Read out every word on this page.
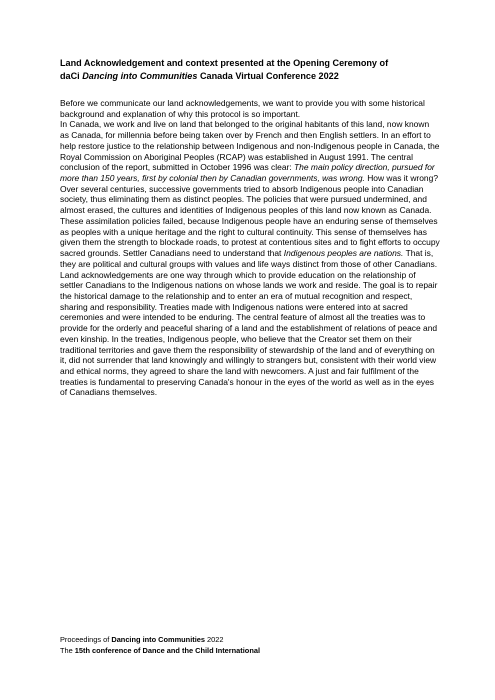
Land Acknowledgement and context presented at the Opening Ceremony of
daCi Dancing into Communities Canada Virtual Conference 2022

Before we communicate our land acknowledgements, we want to provide you with some historical background and explanation of why this protocol is so important.

In Canada, we work and live on land that belonged to the original habitants of this land, now known as Canada, for millennia before being taken over by French and then English settlers. In an effort to help restore justice to the relationship between Indigenous and non-Indigenous people in Canada, the Royal Commission on Aboriginal Peoples (RCAP) was established in August 1991. The central conclusion of the report, submitted in October 1996 was clear: The main policy direction, pursued for more than 150 years, first by colonial then by Canadian governments, was wrong. How was it wrong? Over several centuries, successive governments tried to absorb Indigenous people into Canadian society, thus eliminating them as distinct peoples. The policies that were pursued undermined, and almost erased, the cultures and identities of Indigenous peoples of this land now known as Canada. These assimilation policies failed, because Indigenous people have an enduring sense of themselves as peoples with a unique heritage and the right to cultural continuity. This sense of themselves has given them the strength to blockade roads, to protest at contentious sites and to fight efforts to occupy sacred grounds. Settler Canadians need to understand that Indigenous peoples are nations. That is, they are political and cultural groups with values and life ways distinct from those of other Canadians.

Land acknowledgements are one way through which to provide education on the relationship of settler Canadians to the Indigenous nations on whose lands we work and reside. The goal is to repair the historical damage to the relationship and to enter an era of mutual recognition and respect, sharing and responsibility. Treaties made with Indigenous nations were entered into at sacred ceremonies and were intended to be enduring. The central feature of almost all the treaties was to provide for the orderly and peaceful sharing of a land and the establishment of relations of peace and even kinship. In the treaties, Indigenous people, who believe that the Creator set them on their traditional territories and gave them the responsibility of stewardship of the land and of everything on it, did not surrender that land knowingly and willingly to strangers but, consistent with their world view and ethical norms, they agreed to share the land with newcomers. A just and fair fulfilment of the treaties is fundamental to preserving Canada's honour in the eyes of the world as well as in the eyes of Canadians themselves.

Proceedings of Dancing into Communities 2022
The 15th conference of Dance and the Child International
